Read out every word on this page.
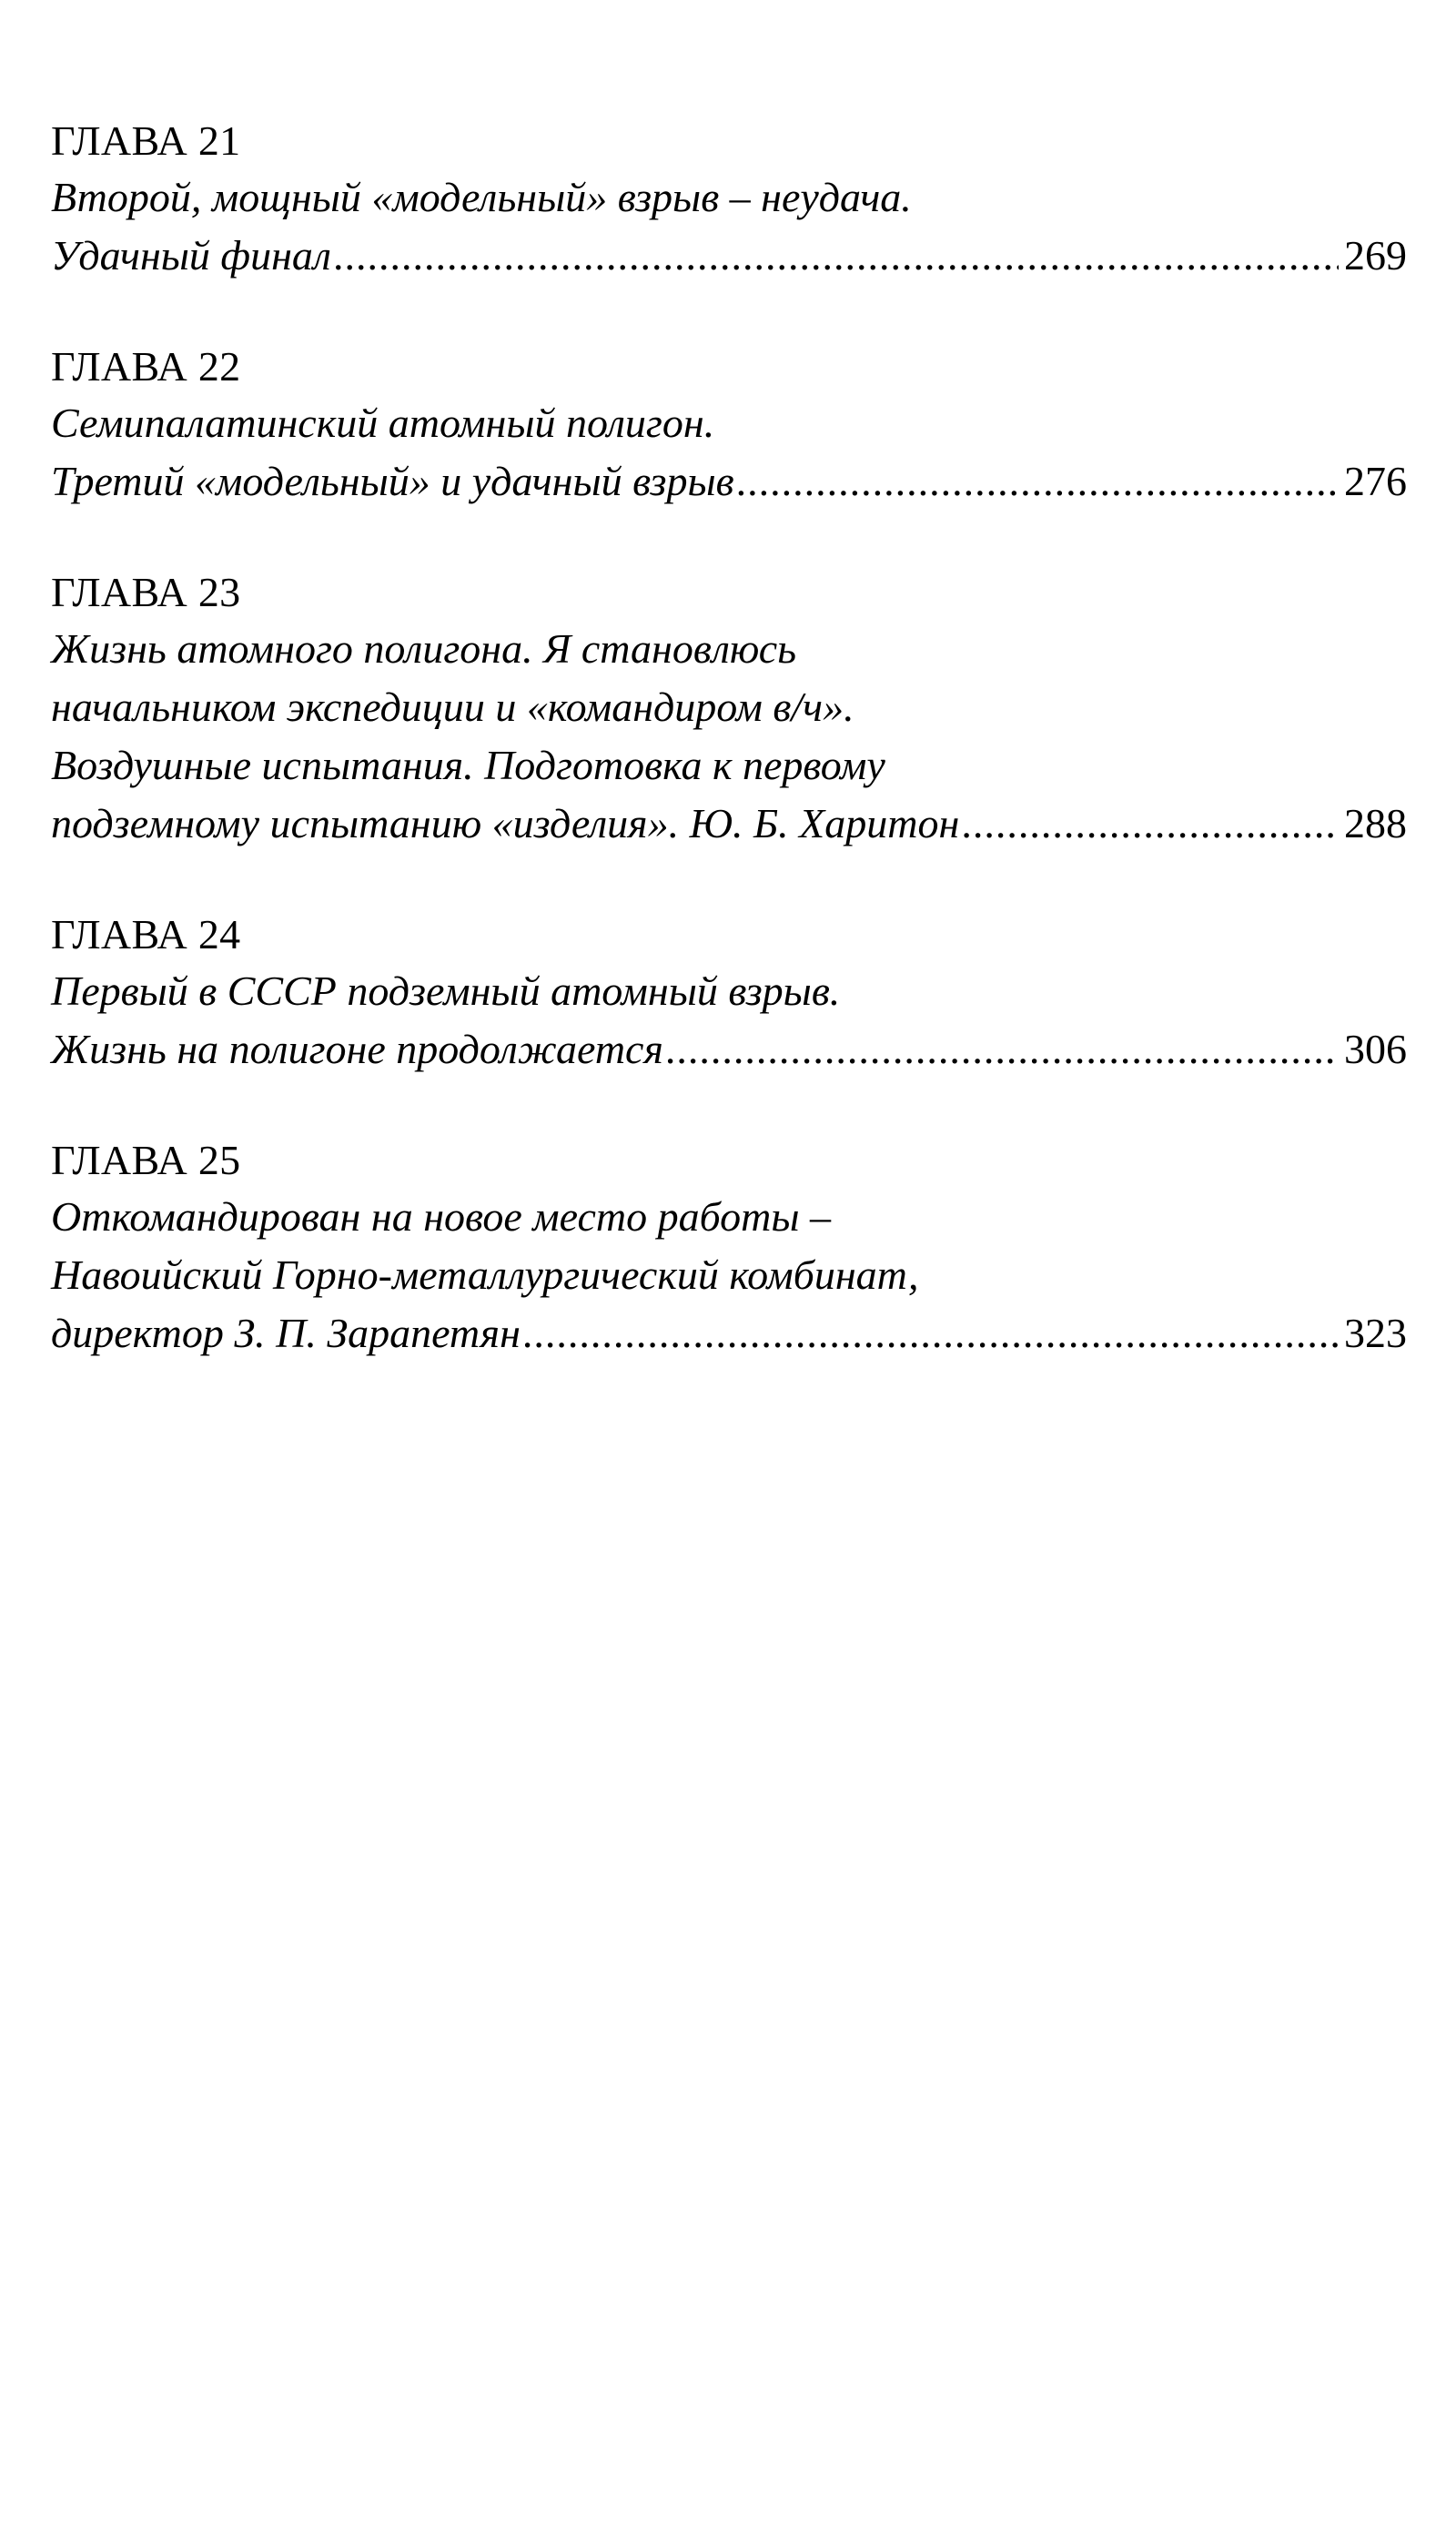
ГЛАВА 21
Второй, мощный «модельный» взрыв – неудача.
Удачный финал .....	269
ГЛАВА 22
Семипалатинский атомный полигон.
Третий «модельный» и удачный взрыв .....	276
ГЛАВА 23
Жизнь атомного полигона. Я становлюсь
начальником экспедиции и «командиром в/ч».
Воздушные испытания. Подготовка к первому
подземному испытанию «изделия». Ю. Б. Харитон .....	288
ГЛАВА 24
Первый в СССР подземный атомный взрыв.
Жизнь на полигоне продолжается .....	306
ГЛАВА 25
Откомандирован на новое место работы –
Навоийский Горно-металлургический комбинат,
директор З. П. Зарапетян .....	323
